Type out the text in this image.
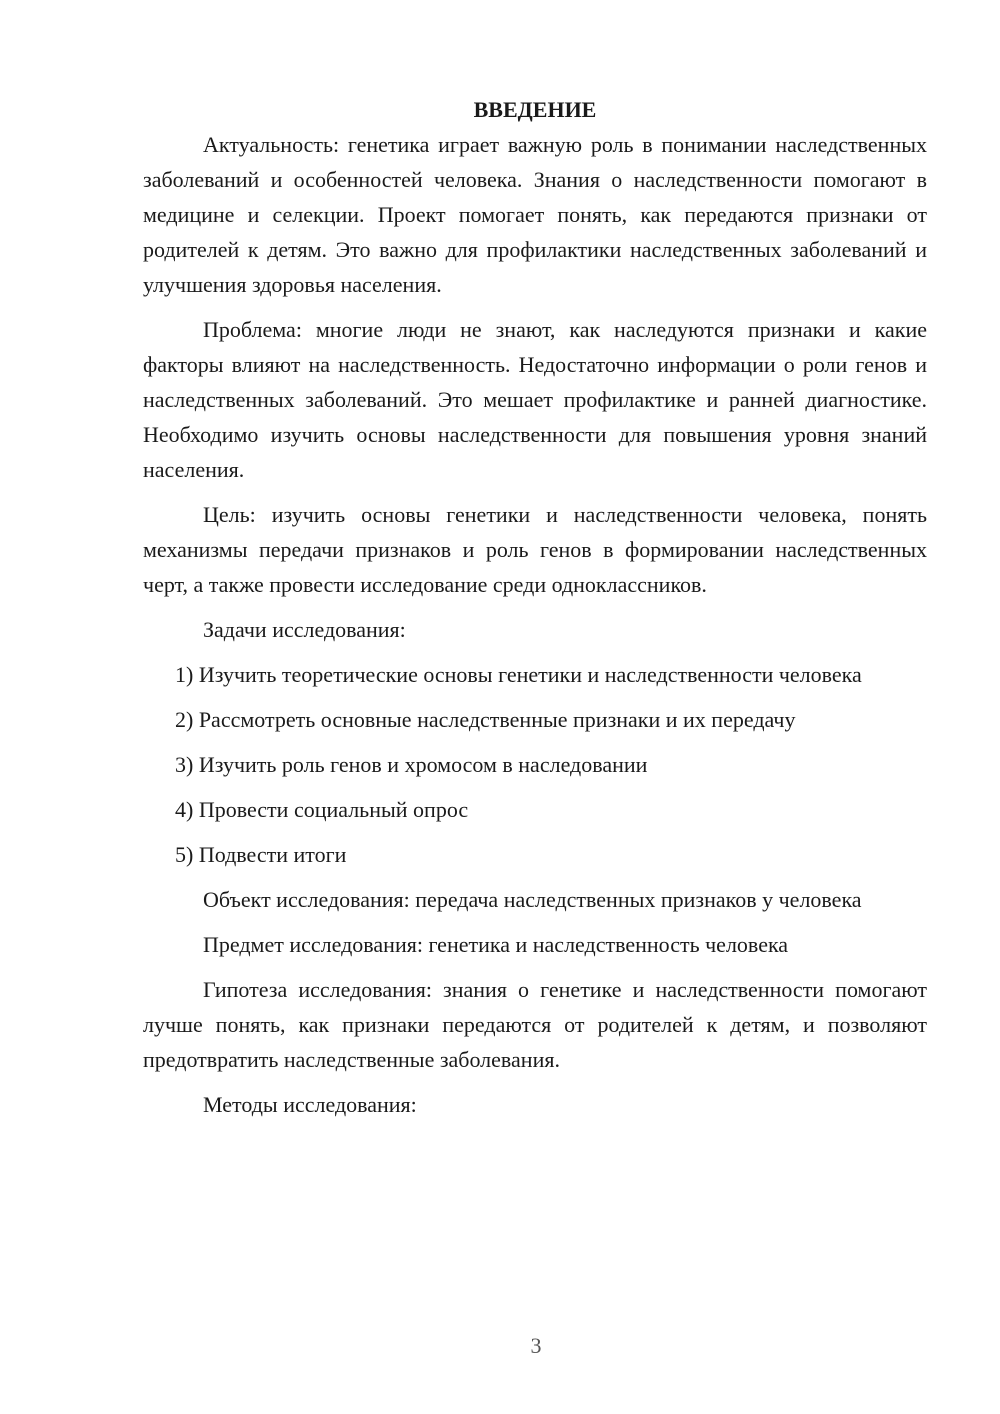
ВВЕДЕНИЕ

Актуальность: генетика играет важную роль в понимании наследственных заболеваний и особенностей человека. Знания о наследственности помогают в медицине и селекции. Проект помогает понять, как передаются признаки от родителей к детям. Это важно для профилактики наследственных заболеваний и улучшения здоровья населения.

Проблема: многие люди не знают, как наследуются признаки и какие факторы влияют на наследственность. Недостаточно информации о роли генов и наследственных заболеваний. Это мешает профилактике и ранней диагностике. Необходимо изучить основы наследственности для повышения уровня знаний населения.

Цель: изучить основы генетики и наследственности человека, понять механизмы передачи признаков и роль генов в формировании наследственных черт, а также провести исследование среди одноклассников.

Задачи исследования:

1) Изучить теоретические основы генетики и наследственности человека

2) Рассмотреть основные наследственные признаки и их передачу

3) Изучить роль генов и хромосом в наследовании

4) Провести социальный опрос

5) Подвести итоги

Объект исследования: передача наследственных признаков у человека

Предмет исследования: генетика и наследственность человека

Гипотеза исследования: знания о генетике и наследственности помогают лучше понять, как признаки передаются от родителей к детям, и позволяют предотвратить наследственные заболевания.

Методы исследования:

3
